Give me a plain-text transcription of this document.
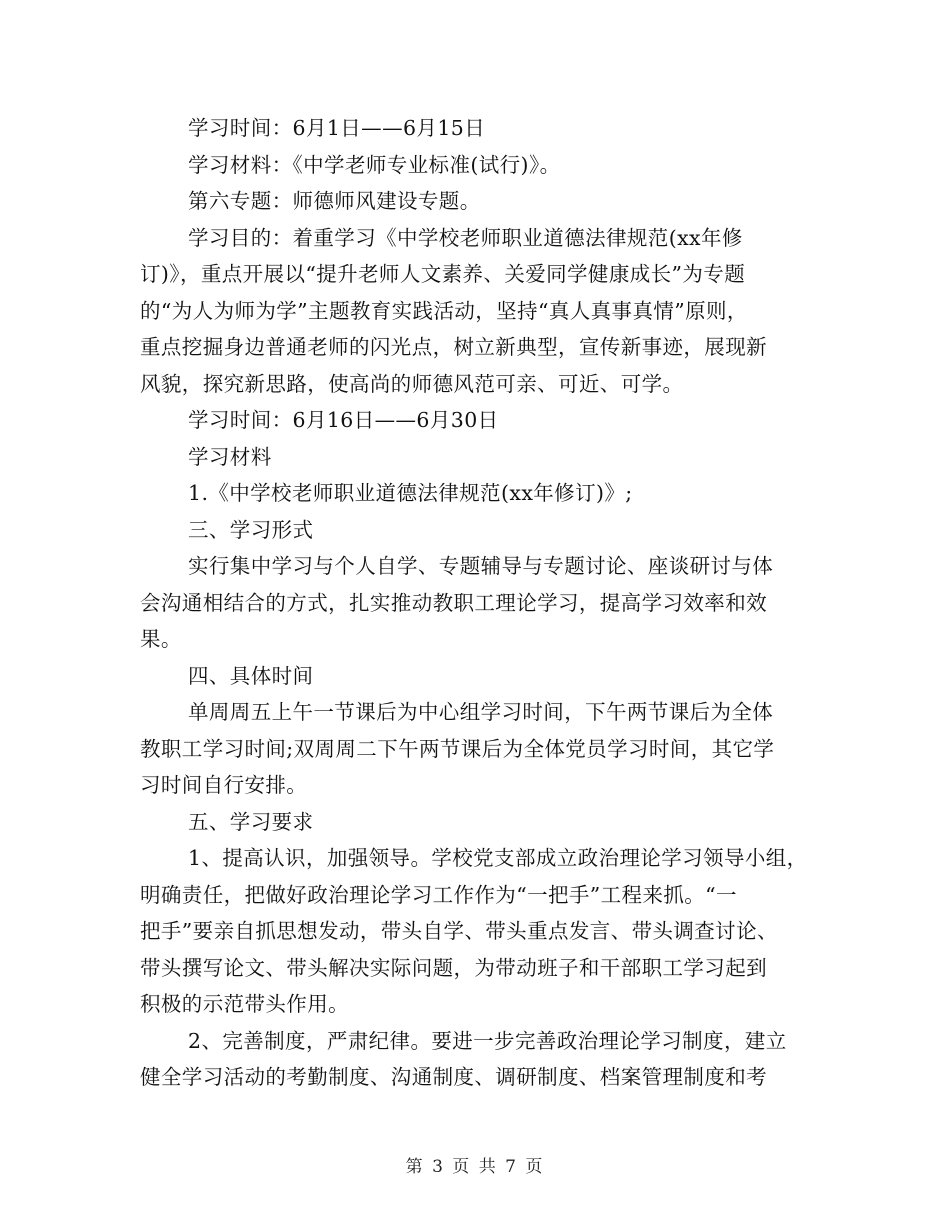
学习时间：6月1日——6月15日
学习材料：《中学老师专业标准(试行)》。
第六专题：师德师风建设专题。
学习目的：着重学习《中学校老师职业道德法律规范(xx年修
订)》，重点开展以“提升老师人文素养、关爱同学健康成长”为专题
的“为人为师为学”主题教育实践活动，坚持“真人真事真情”原则，
重点挖掘身边普通老师的闪光点，树立新典型，宣传新事迹，展现新
风貌，探究新思路，使高尚的师德风范可亲、可近、可学。
学习时间：6月16日——6月30日
学习材料
1.《中学校老师职业道德法律规范(xx年修订)》;
三、学习形式
实行集中学习与个人自学、专题辅导与专题讨论、座谈研讨与体
会沟通相结合的方式，扎实推动教职工理论学习，提高学习效率和效
果。
四、具体时间
单周周五上午一节课后为中心组学习时间，下午两节课后为全体
教职工学习时间;双周周二下午两节课后为全体党员学习时间，其它学
习时间自行安排。
五、学习要求
1、提高认识，加强领导。学校党支部成立政治理论学习领导小组，
明确责任，把做好政治理论学习工作作为“一把手”工程来抓。“一
把手”要亲自抓思想发动，带头自学、带头重点发言、带头调查讨论、
带头撰写论文、带头解决实际问题，为带动班子和干部职工学习起到
积极的示范带头作用。
2、完善制度，严肃纪律。要进一步完善政治理论学习制度，建立
健全学习活动的考勤制度、沟通制度、调研制度、档案管理制度和考
第 3 页 共 7 页
